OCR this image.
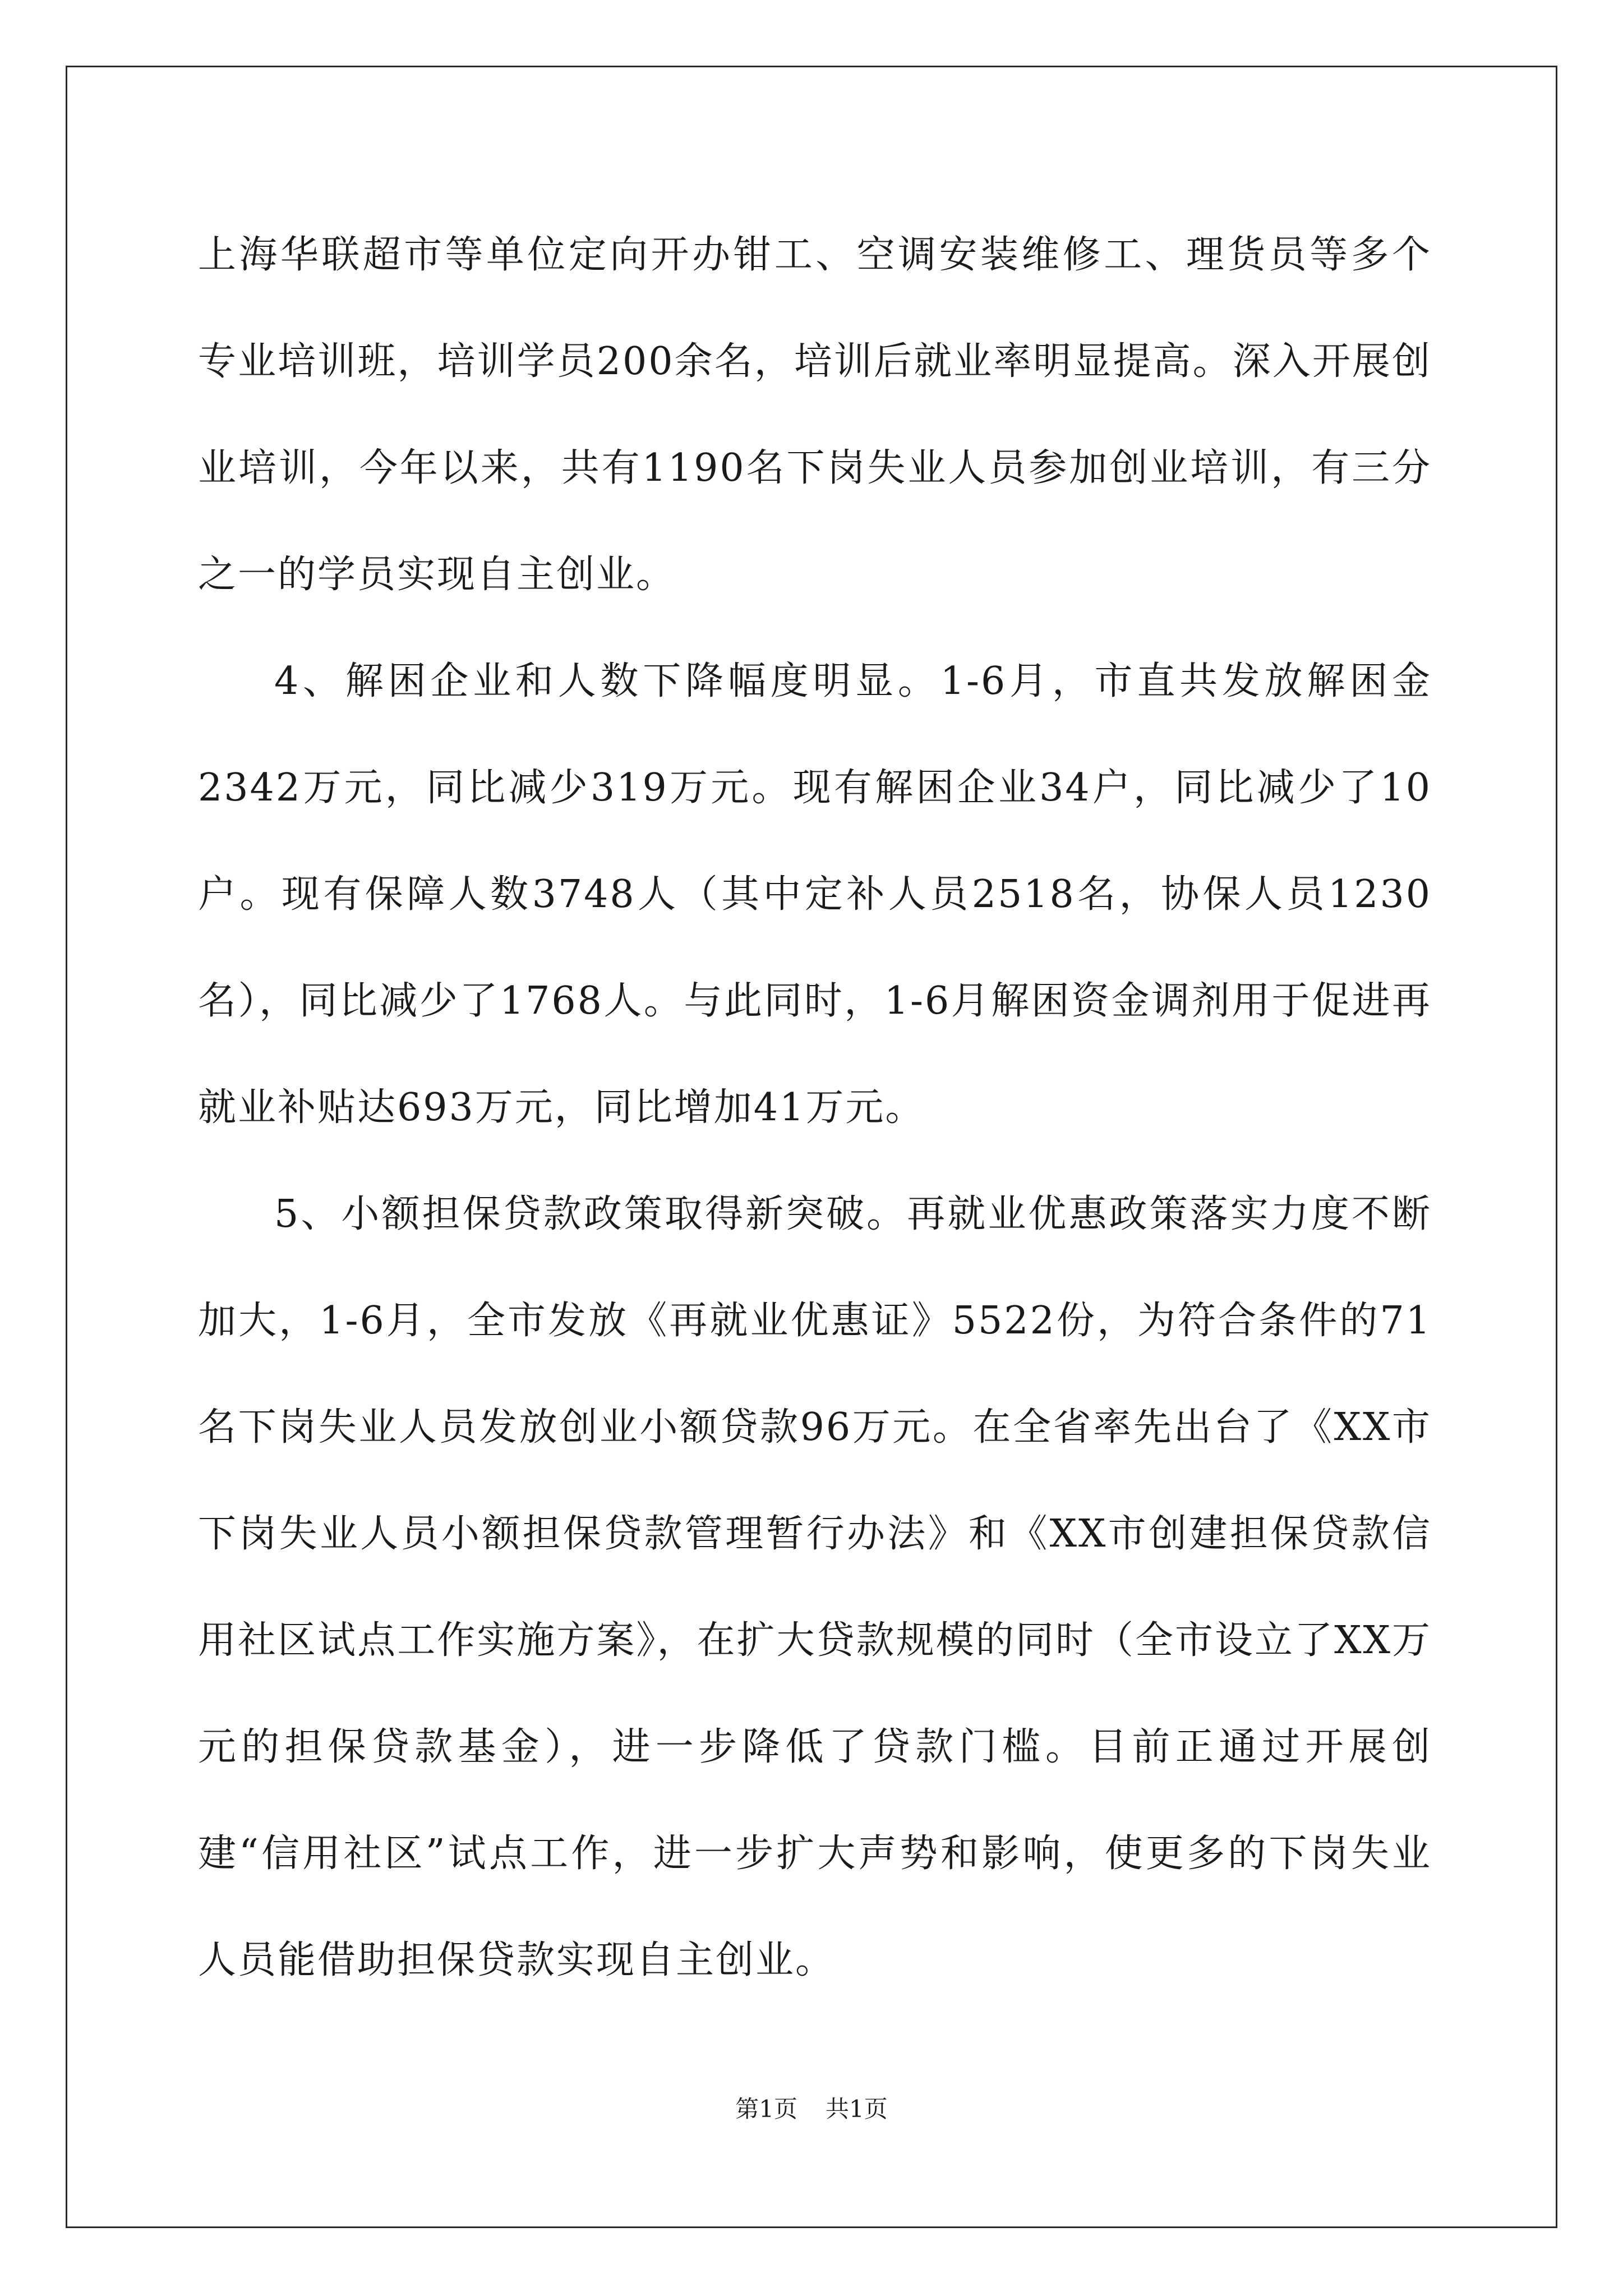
上海华联超市等单位定向开办钳工、空调安装维修工、理货员等多个专业培训班，培训学员200余名，培训后就业率明显提高。深入开展创业培训，今年以来，共有1190名下岗失业人员参加创业培训，有三分之一的学员实现自主创业。

4、解困企业和人数下降幅度明显。1-6月，市直共发放解困金2342万元，同比减少319万元。现有解困企业34户，同比减少了10户。现有保障人数3748人（其中定补人员2518名，协保人员1230名），同比减少了1768人。与此同时，1-6月解困资金调剂用于促进再就业补贴达693万元，同比增加41万元。

5、小额担保贷款政策取得新突破。再就业优惠政策落实力度不断加大，1-6月，全市发放《再就业优惠证》5522份，为符合条件的71名下岗失业人员发放创业小额贷款96万元。在全省率先出台了《XX市下岗失业人员小额担保贷款管理暂行办法》和《XX市创建担保贷款信用社区试点工作实施方案》，在扩大贷款规模的同时（全市设立了XX万元的担保贷款基金），进一步降低了贷款门槛。目前正通过开展创建“信用社区”试点工作，进一步扩大声势和影响，使更多的下岗失业人员能借助担保贷款实现自主创业。

第1页 共1页
